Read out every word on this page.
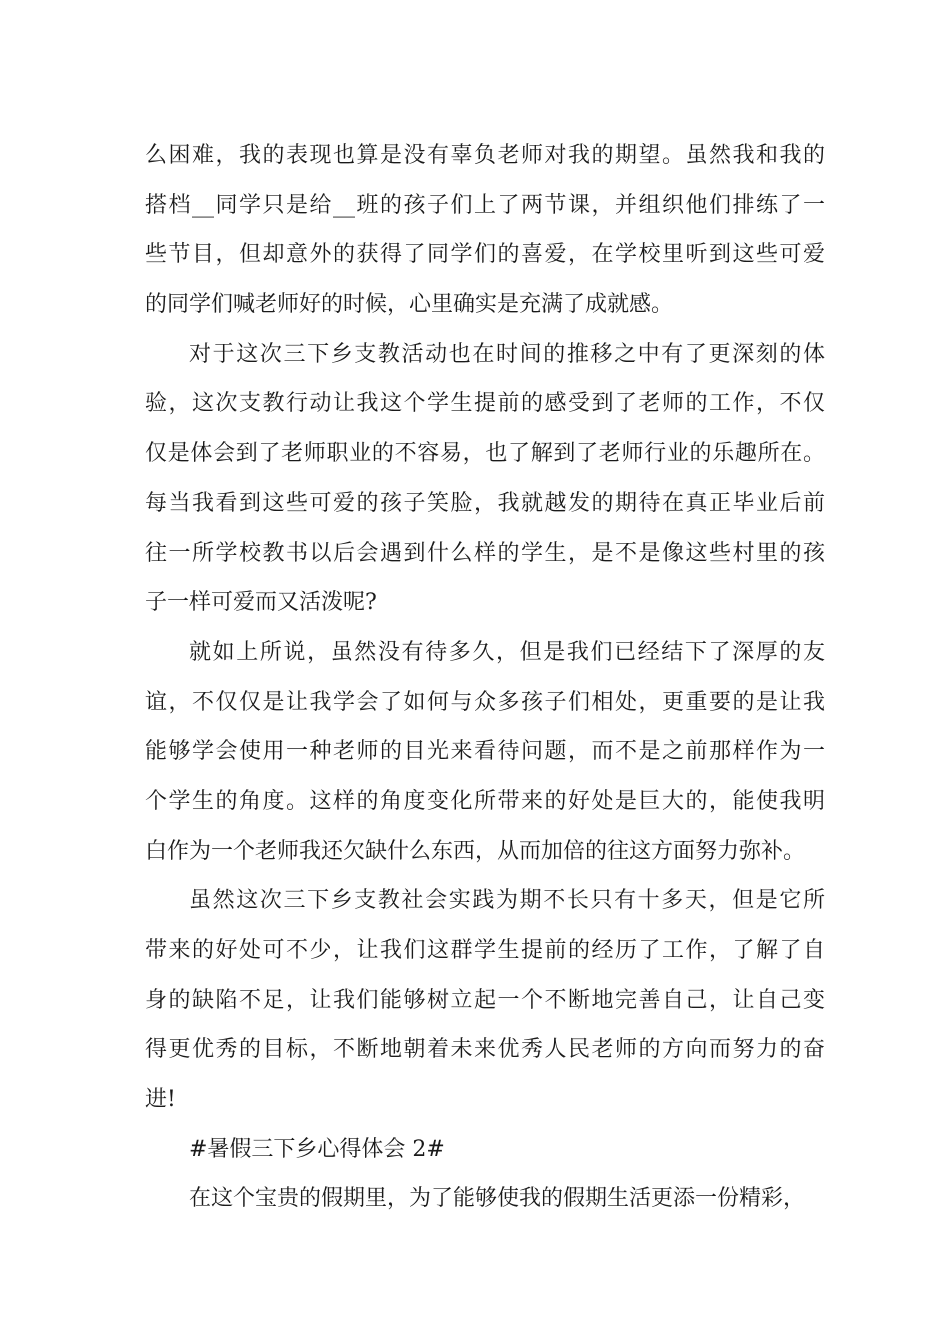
么困难，我的表现也算是没有辜负老师对我的期望。虽然我和我的
搭档__同学只是给__班的孩子们上了两节课，并组织他们排练了一
些节目，但却意外的获得了同学们的喜爱，在学校里听到这些可爱
的同学们喊老师好的时候，心里确实是充满了成就感。
对于这次三下乡支教活动也在时间的推移之中有了更深刻的体
验，这次支教行动让我这个学生提前的感受到了老师的工作，不仅
仅是体会到了老师职业的不容易，也了解到了老师行业的乐趣所在。
每当我看到这些可爱的孩子笑脸，我就越发的期待在真正毕业后前
往一所学校教书以后会遇到什么样的学生，是不是像这些村里的孩
子一样可爱而又活泼呢?
就如上所说，虽然没有待多久，但是我们已经结下了深厚的友
谊，不仅仅是让我学会了如何与众多孩子们相处，更重要的是让我
能够学会使用一种老师的目光来看待问题，而不是之前那样作为一
个学生的角度。这样的角度变化所带来的好处是巨大的，能使我明
白作为一个老师我还欠缺什么东西，从而加倍的往这方面努力弥补。
虽然这次三下乡支教社会实践为期不长只有十多天，但是它所
带来的好处可不少，让我们这群学生提前的经历了工作，了解了自
身的缺陷不足，让我们能够树立起一个不断地完善自己，让自己变
得更优秀的目标，不断地朝着未来优秀人民老师的方向而努力的奋
进!
#暑假三下乡心得体会 2#
在这个宝贵的假期里，为了能够使我的假期生活更添一份精彩，
